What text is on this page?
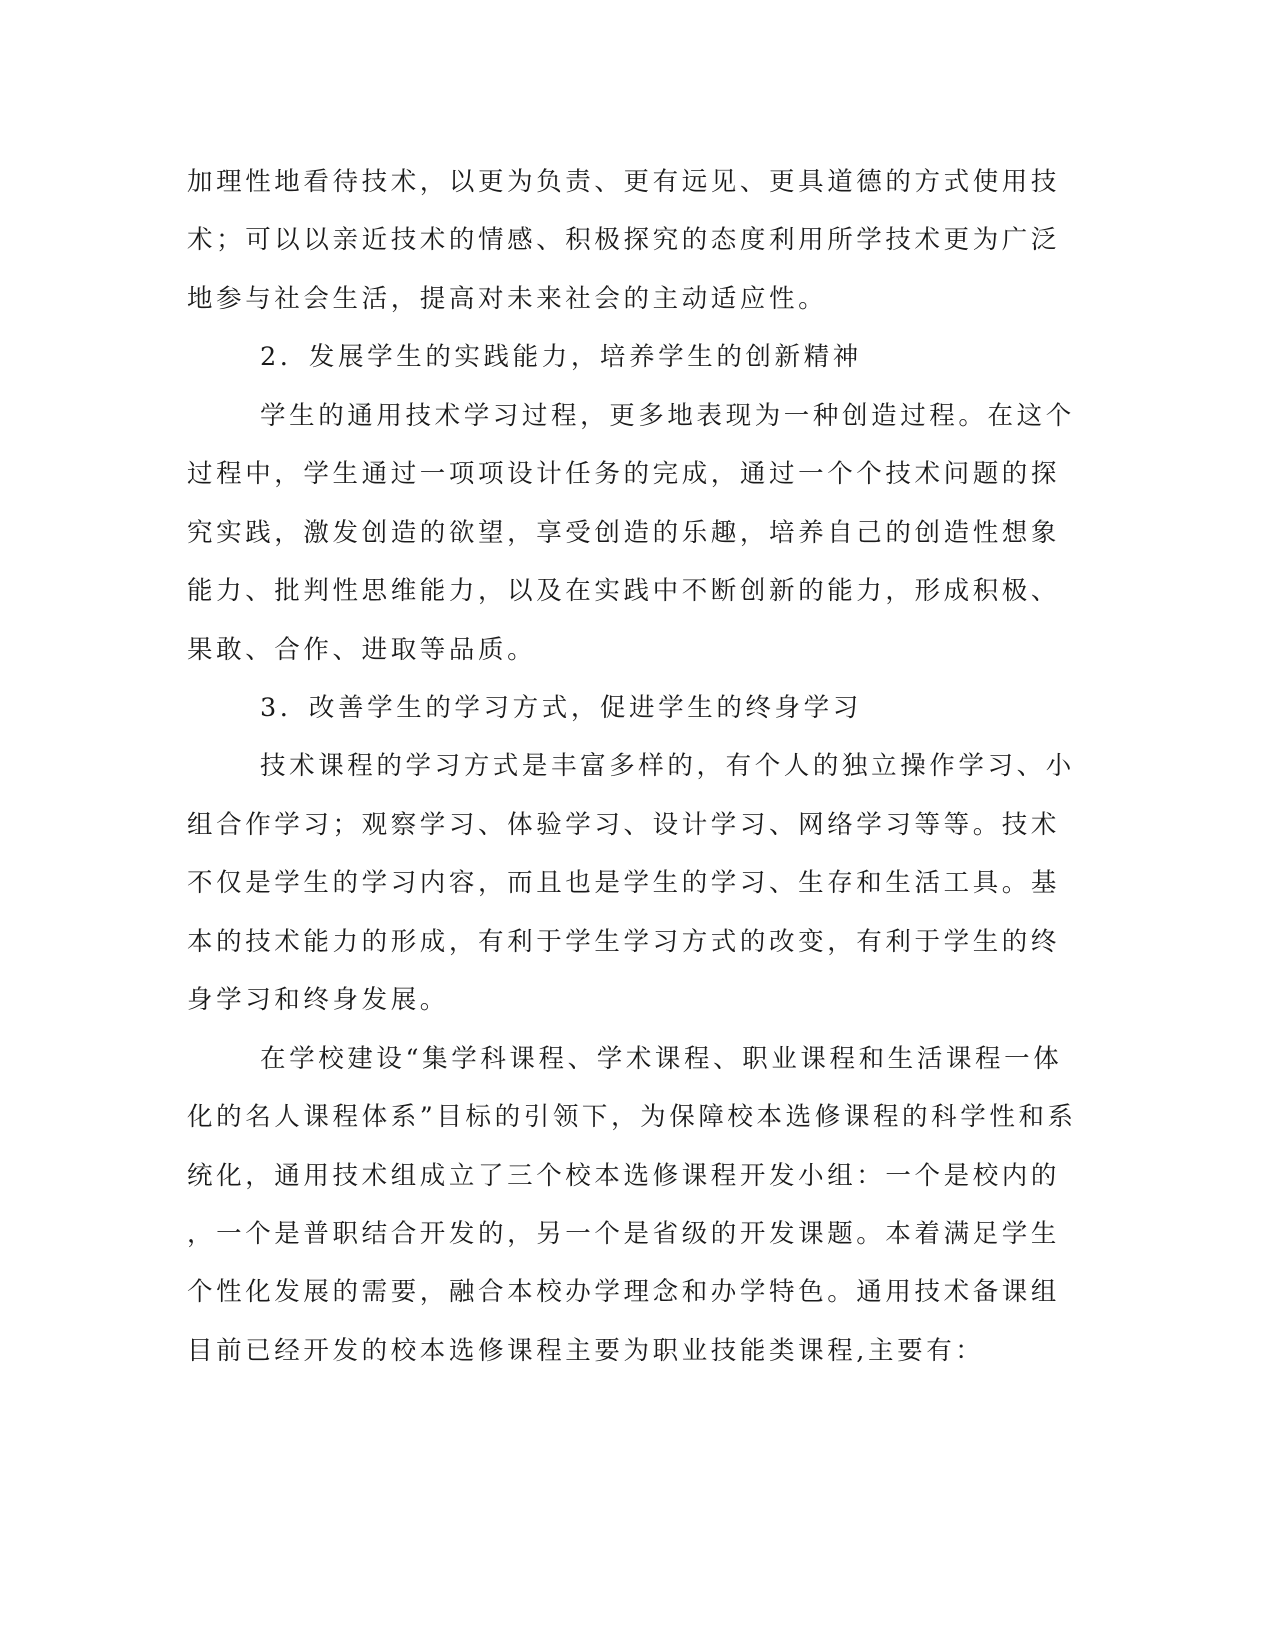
加理性地看待技术，以更为负责、更有远见、更具道德的方式使用技

术；可以以亲近技术的情感、积极探究的态度利用所学技术更为广泛

地参与社会生活，提高对未来社会的主动适应性。

2．发展学生的实践能力，培养学生的创新精神

学生的通用技术学习过程，更多地表现为一种创造过程。在这个

过程中，学生通过一项项设计任务的完成，通过一个个技术问题的探

究实践，激发创造的欲望，享受创造的乐趣，培养自己的创造性想象

能力、批判性思维能力，以及在实践中不断创新的能力，形成积极、

果敢、合作、进取等品质。

3．改善学生的学习方式，促进学生的终身学习

技术课程的学习方式是丰富多样的，有个人的独立操作学习、小

组合作学习；观察学习、体验学习、设计学习、网络学习等等。技术

不仅是学生的学习内容，而且也是学生的学习、生存和生活工具。基

本的技术能力的形成，有利于学生学习方式的改变，有利于学生的终

身学习和终身发展。

在学校建设“集学科课程、学术课程、职业课程和生活课程一体

化的名人课程体系”目标的引领下，为保障校本选修课程的科学性和系

统化，通用技术组成立了三个校本选修课程开发小组：一个是校内的

，一个是普职结合开发的，另一个是省级的开发课题。本着满足学生

个性化发展的需要，融合本校办学理念和办学特色。通用技术备课组

目前已经开发的校本选修课程主要为职业技能类课程,主要有：
